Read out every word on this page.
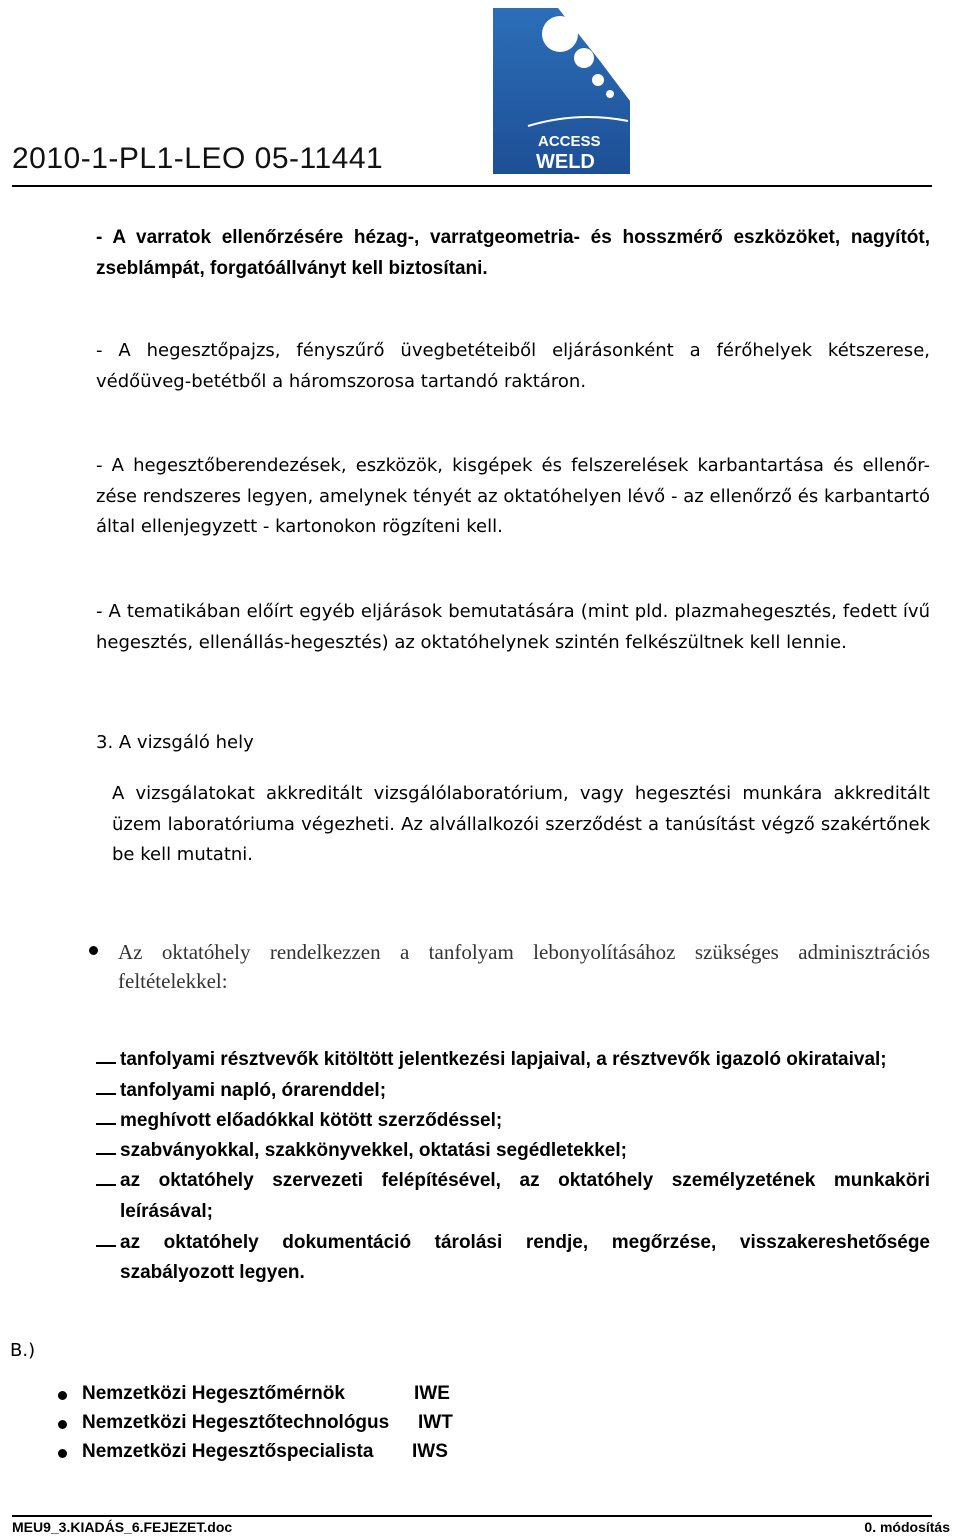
2010-1-PL1-LEO 05-11441
ACCESS
WELD
- A varratok ellenőrzésére hézag-, varratgeometria- és hosszmérő eszközöket, nagyítót, zseblámpát, forgatóállványt kell biztosítani.
- A hegesztőpajzs, fényszűrő üvegbetéteiből eljárásonként a férőhelyek kétszerese, védőüveg-betétből a háromszorosa tartandó raktáron.
- A hegesztőberendezések, eszközök, kisgépek és felszerelések karbantartása és ellenőr-zése rendszeres legyen, amelynek tényét az oktatóhelyen lévő - az ellenőrző és karbantartó által ellenjegyzett - kartonokon rögzíteni kell.
- A tematikában előírt egyéb eljárások bemutatására (mint pld. plazmahegesztés, fedett ívű hegesztés, ellenállás-hegesztés) az oktatóhelynek szintén felkészültnek kell lennie.
3. A vizsgáló hely
A vizsgálatokat akkreditált vizsgálólaboratórium, vagy hegesztési munkára akkreditált üzem laboratóriuma végezheti. Az alvállalkozói szerződést a tanúsítást végző szakértőnek be kell mutatni.
Az oktatóhely rendelkezzen a tanfolyam lebonyolításához szükséges adminisztrációs feltételekkel:
tanfolyami résztvevők kitöltött jelentkezési lapjaival, a résztvevők igazoló okirataival;
tanfolyami napló, órarenddel;
meghívott előadókkal kötött szerződéssel;
szabványokkal, szakkönyvekkel, oktatási segédletekkel;
az oktatóhely szervezeti felépítésével, az oktatóhely személyzetének munkaköri
leírásával;
az oktatóhely dokumentáció tárolási rendje, megőrzése, visszakereshetősége
szabályozott legyen.
B.)
Nemzetközi Hegesztőmérnök	IWE
Nemzetközi Hegesztőtechnológus IWT
Nemzetközi Hegesztőspecialista IWS
MEU9_3.KIADÁS_6.FEJEZET.doc	0. módosítás
